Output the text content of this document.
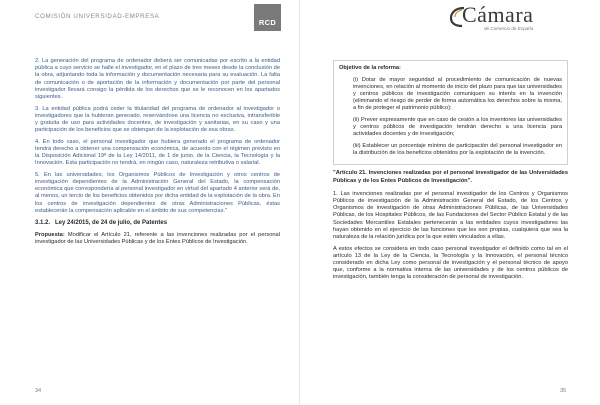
COMISIÓN UNIVERSIDAD-EMPRESA
RCD

2. La generación del programa de ordenador deberá ser comunicadas por escrito a la entidad pública a cuyo servicio se halle el investigador, en el plazo de tres meses desde la conclusión de la obra, adjuntando toda la información y documentación necesaria para su evaluación. La falta de comunicación o de aportación de la información y documentación por parte del personal investigador llevará consigo la pérdida de los derechos que se le reconocen en los apartados siguientes.

3. La entidad pública podrá ceder la titularidad del programa de ordenador al investigador o investigadores que la hubieran generado, reservándose una licencia no exclusiva, intransferible y gratuita de uso para actividades docentes, de investigación y sanitarias, en su caso y una participación de los beneficios que se obtengan de la explotación de esa obras.

4. En todo caso, el personal investigador que hubiera generado el programa de ordenador tendrá derecho a obtener una compensación económica, de acuerdo con el régimen previsto en la Disposición Adicional 19ª de la Ley 14/2011, de 1 de junio, de la Ciencia, la Tecnología y la Innovación. Esta participación no tendrá, en ningún caso, naturaleza retributiva o salarial.

5. En las universidades, los Organismos Públicos de Investigación y otros centros de investigación dependientes de la Administración General del Estado, la compensación económica que correspondería al personal investigador en virtud del apartado 4 anterior será de, al menos, un tercio de los beneficios obtenidos por dicha entidad de la explotación de la obra. En los centros de investigación dependientes de otras Administraciones Públicas, éstas establecerán la compensación aplicable en el ámbito de sus competencias."

3.1.2.   Ley 24/2015, de 24 de julio, de Patentes

Propuesta: Modificar el Artículo 21, referente a las invenciones realizadas por el personal investigador de las Universidades Públicas y de los Entes Públicos de Investigación.

34
Cámara
de Comercio de España

Objetivo de la reforma:

(i) Dotar de mayor seguridad al procedimiento de comunicación de nuevas invenciones, en relación al momento de inicio del plazo para que las universidades y centros públicos de investigación comuniquen su interés en la invención (eliminando el riesgo de perder de forma automática los derechos sobre la misma, a fin de proteger el patrimonio público);

(ii) Prever expresamente que en caso de cesión a los inventores las universidades y centros públicos de investigación tendrán derecho a una licencia para actividades docentes y de investigación;

(iii) Establecer un porcentaje mínimo de participación del personal investigador en la distribución de los beneficios obtenidos por la explotación de la invención.

"Artículo 21. Invenciones realizadas por el personal investigador de las Universidades Públicas y de los Entes Públicos de Investigación".

1. Las invenciones realizadas por el personal investigador de los Centros y Organismos Públicos de investigación de la Administración General del Estado, de los Centros y Organismos de investigación de otras Administraciones Públicas, de las Universidades Públicas, de los Hospitales Públicos, de las Fundaciones del Sector Público Estatal y de las Sociedades Mercantiles Estatales pertenecerán a las entidades cuyos investigadores las hayan obtenido en el ejercicio de las funciones que les son propias, cualquiera que sea la naturaleza de la relación jurídica por la que estén vinculados a ellas.

A estos efectos se considera en todo caso personal investigador el definido como tal en el artículo 13 de la Ley de la Ciencia, la Tecnología y la Innovación, el personal técnico considerado en dicha Ley como personal de investigación y el personal técnico de apoyo que, conforme a la normativa interna de las universidades y de los centros públicos de investigación, también tenga la consideración de personal de investigación.

35
